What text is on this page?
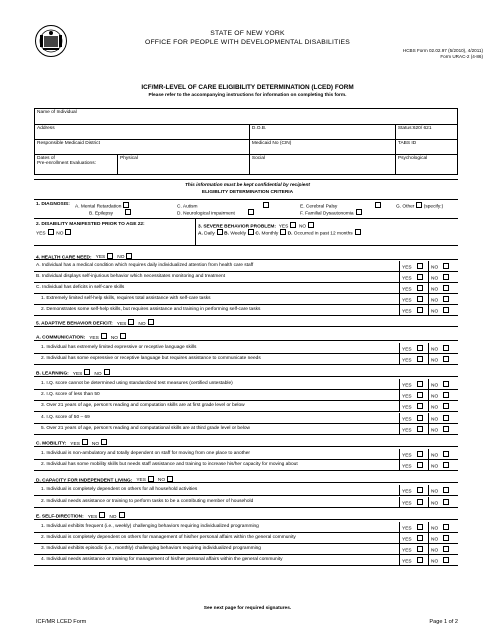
STATE OF NEW YORK
OFFICE FOR PEOPLE WITH DEVELOPMENTAL DISABILITIES
HCBS Form 02.02.97 (5/2010), 4/2011)
Form URAC-2 (4-86)
ICF/MR-LEVEL OF CARE ELIGIBILITY DETERMINATION (LCED) FORM
Please refer to the accompanying instructions for information on completing this form.
Name of Individual			
Address		D.O.B.	Status:620/ 621
Responsible Medicaid District		Medicaid No (CIN)	TABS ID

Dates of
Pre-enrollment Evaluations:	Physical	Social	Psychological
This information must be kept confidential by recipient
ELIGIBLITY DETERMINATION CRITERIA
1. DIAGNOSIS: A. Mental Retardation
B. Epilepsy
C. Autism
D. Neurological impairment
E. Cerebral Palsy
F. Familial Dysautonomia
G. Other (specify:)
2. DISABILITY MANIFESTED PRIOR TO AGE 22:
YES NO
3. SEVERE BEHAVIOR PROBLEM: YES NO
A. Daily B. Weekly C. Monthly D. Occurred in past 12 months
4. HEALTH CARE NEED: YES	NO
A. Individual has a medical condition which requires daily individualized attention from health care staff	YES	NO
B. Individual displays self-injurious behavior which necessitates monitoring and treatment	YES	NO
C. Individual has deficits in self-care skills	YES	NO
1. Extremely limited self-help skills, requires total assistance with self-care tasks	YES	NO
2. Demonstrates some self-help skills, but requires assistance and training in performing self-care tasks	YES	NO
5. ADAPTIVE BEHAVIOR DEFICIT: YES	NO
A. COMMUNICATION: YES	NO
1. Individual has extremely limited expressive or receptive language skills	YES	NO
2. Individual has some expressive or receptive language but requires assistance to communicate needs	YES	NO
B. LEARNING: YES	NO
1. I.Q. score cannot be determined using standardized test measures (certified untestable)	YES	NO
2. I.Q. score of less than 50	YES	NO
3. Over 21 years of age, person’s reading and computation skills are at first grade level or below	YES	NO
4. I.Q. score of 50 – 69	YES	NO
5. Over 21 years of age, person’s reading and computational skills are at third grade level or below	YES	NO
C. MOBILITY: YES	NO
1. Individual is non-ambulatory and totally dependent on staff for moving from one place to another	YES	NO
2. Individual has some mobility skills but needs staff assistance and training to increase his/her capacity for moving about	YES	NO
D. CAPACITY FOR INDEPENDENT LIVING: YES	NO
1. Individual is completely dependent on others for all household activities	YES	NO
2. Individual needs assistance or training to perform tasks to be a contributing member of household	YES	NO
E. SELF-DIRECTION: YES	NO
1. Individual exhibits frequent (i.e., weekly) challenging behaviors requiring individualized programming	YES	NO
2. Individual is completely dependent on others for management of his/her personal affairs within the general community	YES	NO
3. Individual exhibits episodic (i.e., monthly) challenging behaviors requiring individualized programming	YES	NO
4. Individual needs assistance or training for management of his/her personal affairs within the general community	YES	NO
See next page for required signatures.
ICF/MR LCED Form	Page 1 of 2
